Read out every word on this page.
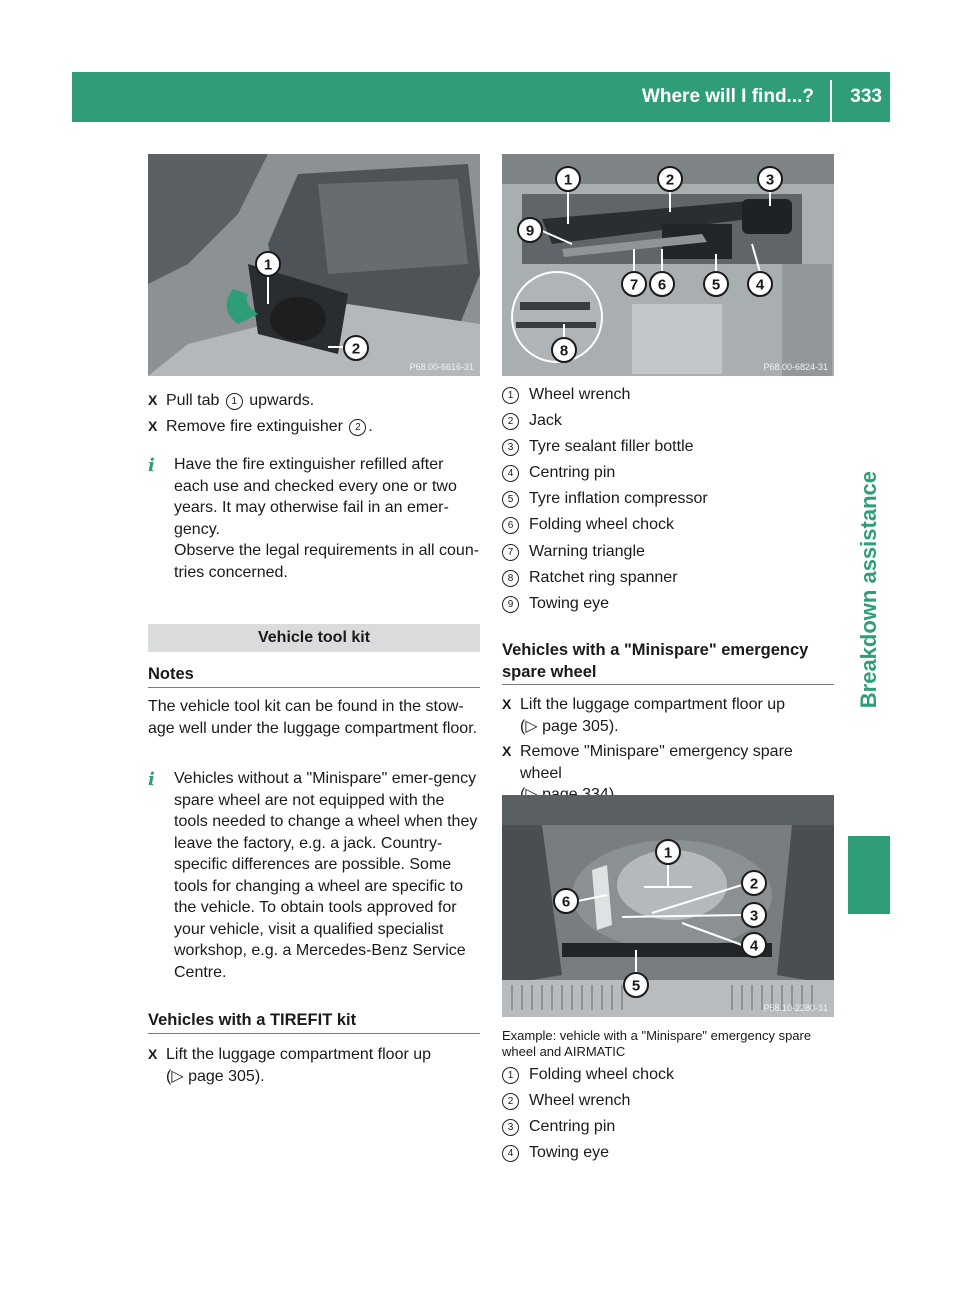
Where will I find...? 333
Breakdown assistance
1
2
P68.00-6616-31
X Pull tab 1 upwards.
X Remove fire extinguisher 2 .
i Have the fire extinguisher refilled after each use and checked every one or two years. It may otherwise fail in an emer-gency.

Observe the legal requirements in all coun-tries concerned.

Vehicle tool kit
Notes
The vehicle tool kit can be found in the stow-age well under the luggage compartment floor.
i Vehicles without a "Minispare" emer-gency spare wheel are not equipped with the tools needed to change a wheel when they leave the factory, e.g. a jack. Country-specific differences are possible. Some tools for changing a wheel are specific to the vehicle. To obtain tools approved for your vehicle, visit a qualified specialist workshop, e.g. a Mercedes-Benz Service Centre.

Vehicles with a TIREFIT kit
X Lift the luggage compartment floor up
(▷ page 305).
1	2	3
9
7 6	5 4
8
P68.00-6824-31
1 Wheel wrench
2 Jack
3 Tyre sealant filler bottle
4 Centring pin
5 Tyre inflation compressor
6 Folding wheel chock
7 Warning triangle
8 Ratchet ring spanner
9 Towing eye
Vehicles with a "Minispare" emergency spare wheel
X Lift the luggage compartment floor up
(▷ page 305).
X Remove "Minispare" emergency spare wheel

1
2
3
4
5
6
P58.10-2280-31
Example: vehicle with a "Minispare" emergency spare wheel and AIRMATIC
1 Folding wheel chock
2 Wheel wrench
3 Centring pin
4 Towing eye
